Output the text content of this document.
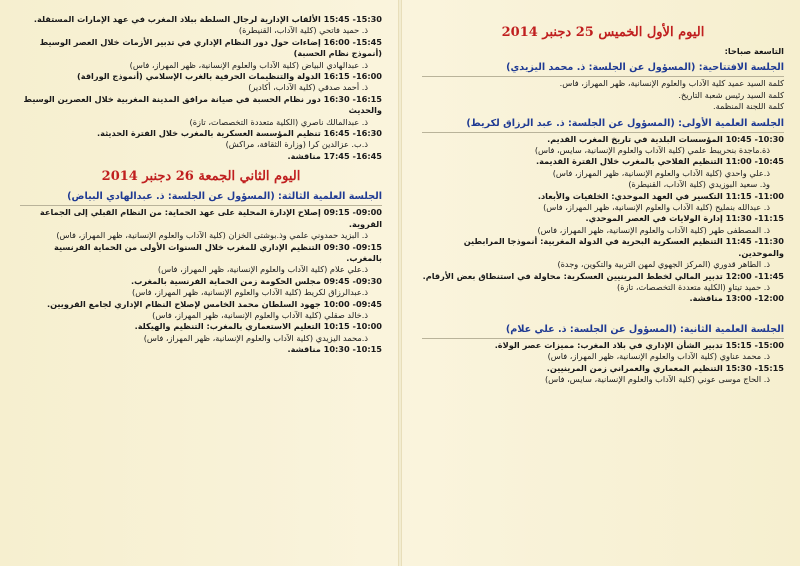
اليوم الأول الخميس 25 دجنبر 2014
التاسعة صباحا:
الجلسة الافتتاحية: (المسؤول عن الجلسة: ذ. محمد اليزيدي)
كلمة السيد عميد كلية الآداب والعلوم الإنسانية، ظهر المهراز، فاس.
كلمة السيد رئيس شعبة التاريخ.
كلمة اللجنة المنظمة.
الجلسة العلمية الأولى: (المسؤول عن الجلسة: ذ. عبد الرزاق لكريط)
10:30- 10:45 المؤسسات البلدية في تاريخ المغرب القديم.
ذة.ماجدة بنحريبط علمي (كلية الآداب والعلوم الإنسانية، سايس، فاس)
10:45- 11:00 التنظيم الفلاحي بالمغرب خلال الفترة القديمة.
ذ.علي واحدي (كلية الآداب والعلوم الإنسانية، ظهر المهراز، فاس)
وذ. سعيد البوزيدي (كلية الآداب، القنيطرة)
11:00- 11:15 التكسير في العهد الموحدي: الخلفيات والأبعاد.
ذ. عبدالله بنمليح (كلية الآداب والعلوم الإنسانية، ظهر المهراز، فاس)
11:15- 11:30 إدارة الولايات في العصر الموحدي.
ذ. المصطفى طهر (كلية الآداب والعلوم الإنسانية، ظهر المهراز، فاس)
11:30- 11:45 التنظيم العسكرية البحرية في الدولة المغربية: أنموذجا المرابطين والموحدين.
ذ. الطاهر قدوري (المركز الجهوي لمهن التربية والتكوين، وجدة)
11:45- 12:00 تدبير المالي لخطط المرينيين العسكرية: محاولة في استنطاق بعض الأرقام.
ذ. حميد تيتاو (الكلية متعددة التخصصات، تازة)
12:00- 13:00 مناقشة.
الجلسة العلمية الثانية: (المسؤول عن الجلسة: ذ. علي علام)
15:00- 15:15 تدبير الشأن الإداري في بلاد المغرب: مميزات عصر الولاة.
ذ. محمد عناوي (كلية الآداب والعلوم الإنسانية، ظهر المهراز، فاس)
15:15- 15:30 التنظيم المعماري والعمراني زمن المرينيين.
ذ. الحاج موسى عوني (كلية الآداب والعلوم الإنسانية، سايس، فاس)
15:30- 15:45 الألقاب الإدارية لرجال السلطة ببلاد المغرب في عهد الإمارات المستقلة.
ذ. حميد فاتحي (كلية الآداب، القنيطرة)
15:45- 16:00 إضاءات حول دور النظام الإداري في تدبير الأزمات خلال العصر الوسيط (أنموذج نظام الحسبة)
ذ. عبدالهادي البياض (كلية الآداب والعلوم الإنسانية، ظهر المهراز، فاس)
16:00- 16:15 الدولة والتنظيمات الحرفية بالغرب الإسلامي (أنموذج الوراقة)
ذ. أحمد صدقي (كلية الآداب، أكادير)
16:15- 16:30 دور نظام الحسبة في صيانة مرافق المدينة المغربية خلال العصرين الوسيط والحديث
ذ. عبدالمالك ناصري (الكلية متعددة التخصصات، تازة)
16:30- 16:45 تنظيم المؤسسة العسكرية بالمغرب خلال الفترة الحديثة.
ذ.ب. عزالدين كرا (وزارة الثقافة، مراكش)
16:45- 17:45 مناقشة.
اليوم الثاني الجمعة 26 دجنبر 2014
الجلسة العلمية الثالثة: (المسؤول عن الجلسة: ذ. عبدالهادي البياض)
09:00- 09:15 إصلاح الإدارة المحلية على عهد الحماية: من النظام القبلي إلى الجماعة القروية.
ذ. البزيد حمدوني علمي وذ.بوشتى الخزان (كلية الآداب والعلوم الإنسانية، ظهر المهراز، فاس)
09:15- 09:30 التنظيم الإداري للمغرب خلال السنوات الأولى من الحماية الفرنسية بالمغرب.
ذ.علي علام (كلية الآداب والعلوم الإنسانية، ظهر المهراز، فاس)
09:30- 09:45 مجلس الحكومة زمن الحماية الفرنسية بالمغرب.
ذ.عبدالرزاق لكريط (كلية الآداب والعلوم الإنسانية، ظهر المهراز، فاس)
09:45- 10:00 جهود السلطان محمد الخامس لإصلاح النظام الإداري لجامع القرويين.
ذ.خالد صقلي (كلية الآداب والعلوم الإنسانية، ظهر المهراز، فاس)
10:00- 10:15 التعليم الاستعماري بالمغرب: التنظيم والهيكلة.
ذ.محمد اليزيدي (كلية الآداب والعلوم الإنسانية، ظهر المهراز، فاس)
10:15- 10:30 مناقشة.
